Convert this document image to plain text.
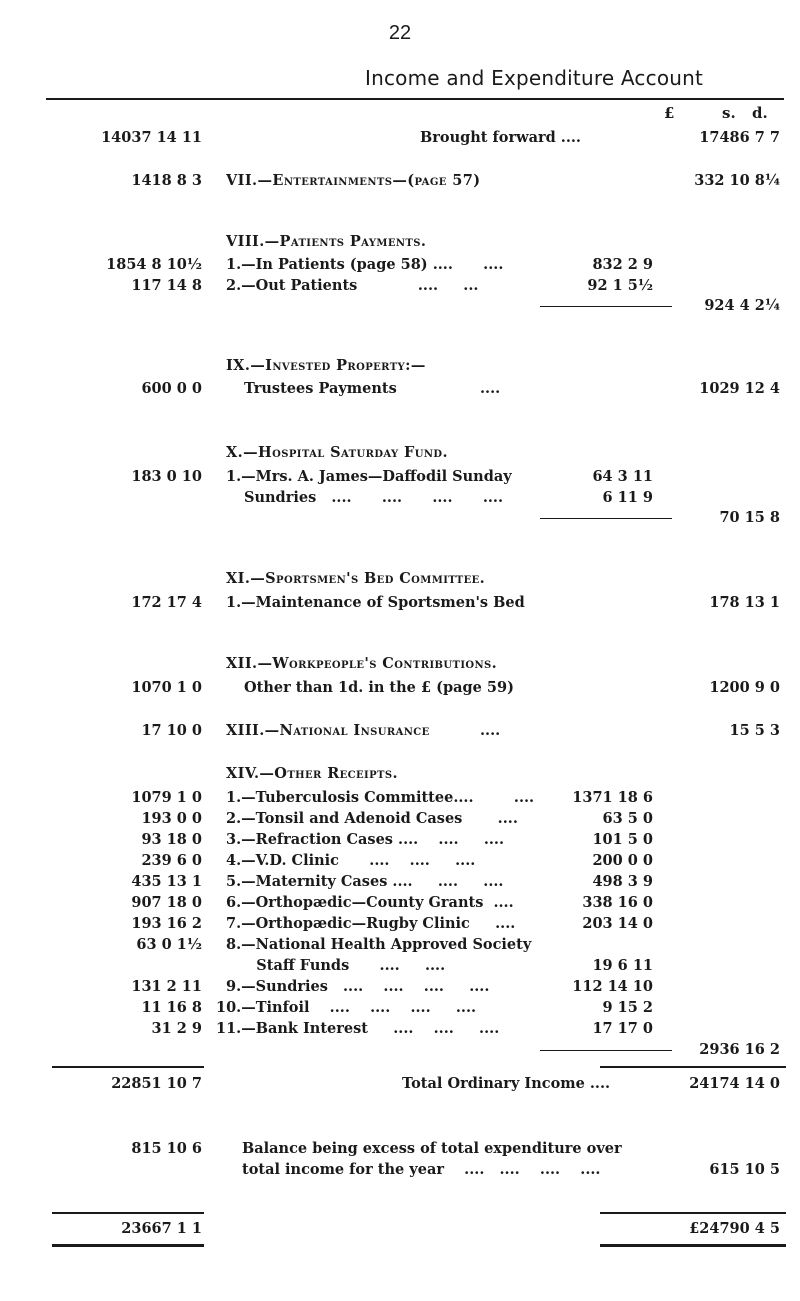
22
Income and Expenditure Account
£	s. d.
14037 14 11	Brought forward ....	17486 7 7
1418 8 3 VII.—Entertainments—(page 57)	332 10 8¼
VIII.—Patients Payments.
1854 8 10½ 1.—In Patients (page 58) ....      ....	832 2 9
117 14 8 2.—Out Patients            ....     ...	92 1 5½
924 4 2¼
IX.—Invested Property:—
600 0 0	Trustees Payments	....	1029 12 4
X.—Hospital Saturday Fund.
183 0 10 1.—Mrs. A. James—Daffodil Sunday	64 3 11
Sundries   ....      ....      ....      ....	6 11 9
70 15 8
XI.—Sportsmen's Bed Committee.
172 17 4 1.—Maintenance of Sportsmen's Bed	178 13 1
XII.—Workpeople's Contributions.
1070 1 0	Other than 1d. in the £ (page 59)	1200 9 0
17 10 0 XIII.—National Insurance	....	15 5 3
XIV.—Other Receipts.
1079 1 0 1.—Tuberculosis Committee....        ....	1371 18 6
193 0 0 2.—Tonsil and Adenoid Cases       ....	63 5 0
93 18 0 3.—Refraction Cases ....    ....     ....	101 5 0
239 6 0 4.—V.D. Clinic      ....    ....     ....	200 0 0
435 13 1 5.—Maternity Cases ....     ....     ....	498 3 9
907 18 0 6.—Orthopædic—County Grants  ....	338 16 0
193 16 2 7.—Orthopædic—Rugby Clinic     ....	203 14 0
63 0 1½ 8.—National Health Approved Society
Staff Funds      ....     ....	19 6 11
131 2 11 9.—Sundries   ....    ....    ....     ....	112 14 10
11 16 8 10.—Tinfoil    ....    ....    ....     ....	9 15 2
31 2 9 11.—Bank Interest     ....    ....     ....	17 17 0
2936 16 2
22851 10 7	Total Ordinary Income ....	24174 14 0
815 10 6	Balance being excess of total expenditure over
total income for the year    ....   ....    ....    ....	615 10 5
23667 1 1	£24790 4 5
